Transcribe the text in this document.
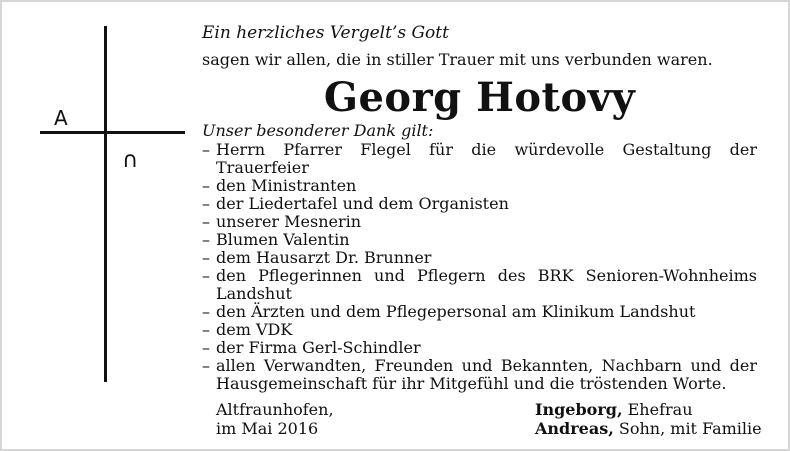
A
∩

Ein herzliches Vergelt’s Gott

sagen wir allen, die in stiller Trauer mit uns verbunden waren.

Georg Hotovy

Unser besonderer Dank gilt:

– Herrn Pfarrer Flegel für die würdevolle Gestaltung der Trauerfeier
– den Ministranten
– der Liedertafel und dem Organisten
– unserer Mesnerin
– Blumen Valentin
– dem Hausarzt Dr. Brunner
– den Pflegerinnen und Pflegern des BRK Senioren-Wohnheims Landshut
– den Ärzten und dem Pflegepersonal am Klinikum Landshut
– dem VDK
– der Firma Gerl-Schindler
– allen Verwandten, Freunden und Bekannten, Nachbarn und der Hausgemeinschaft für ihr Mitgefühl und die tröstenden Worte.
Altfraunhofen,
im Mai 2016
Ingeborg, Ehefrau
Andreas, Sohn, mit Familie
